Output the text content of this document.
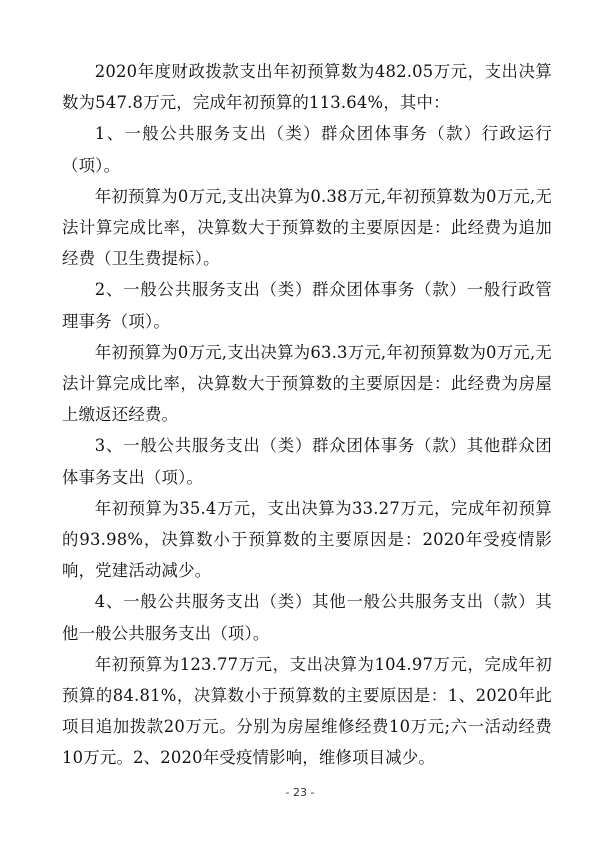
2020年度财政拨款支出年初预算数为482.05万元，支出决算数为547.8万元，完成年初预算的113.64%，其中：

1、一般公共服务支出（类）群众团体事务（款）行政运行（项）。

年初预算为0万元,支出决算为0.38万元,年初预算数为0万元,无法计算完成比率，决算数大于预算数的主要原因是：此经费为追加经费（卫生费提标）。

2、一般公共服务支出（类）群众团体事务（款）一般行政管理事务（项）。

年初预算为0万元,支出决算为63.3万元,年初预算数为0万元,无法计算完成比率，决算数大于预算数的主要原因是：此经费为房屋上缴返还经费。

3、一般公共服务支出（类）群众团体事务（款）其他群众团体事务支出（项）。

年初预算为35.4万元，支出决算为33.27万元，完成年初预算的93.98%，决算数小于预算数的主要原因是：2020年受疫情影响，党建活动减少。

4、一般公共服务支出（类）其他一般公共服务支出（款）其他一般公共服务支出（项）。

年初预算为123.77万元，支出决算为104.97万元，完成年初预算的84.81%，决算数小于预算数的主要原因是：1、2020年此项目追加拨款20万元。分别为房屋维修经费10万元;六一活动经费10万元。2、2020年受疫情影响，维修项目减少。

- 23 -
